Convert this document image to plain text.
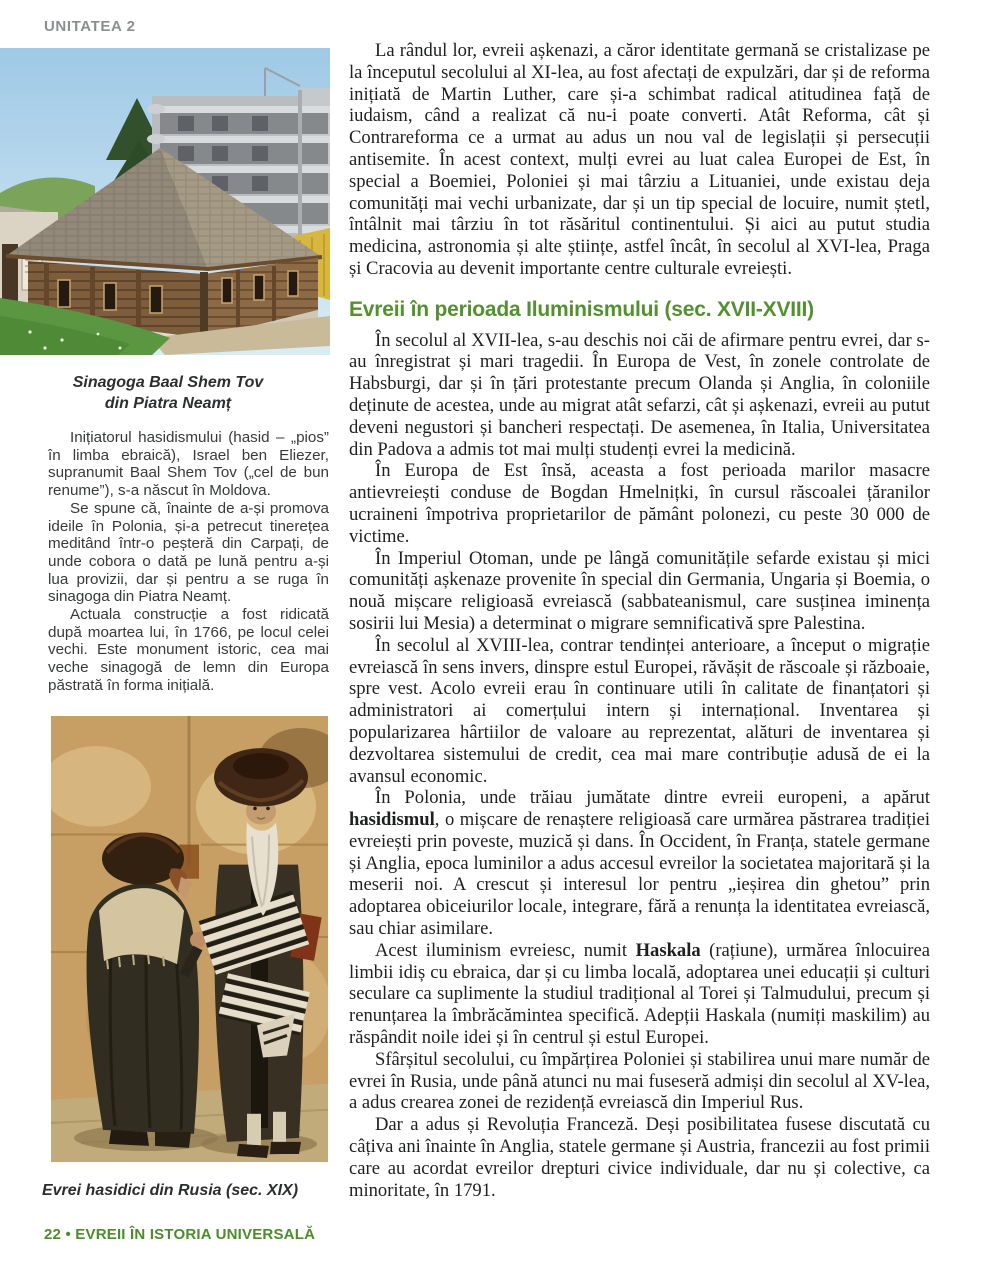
UNITATEA 2
Sinagoga Baal Shem Tov
din Piatra Neamț

Inițiatorul hasidismului (hasid – „pios” în limba ebraică), Israel ben Eliezer, supranumit Baal Shem Tov („cel de bun renume”), s-a născut în Moldova.

Se spune că, înainte de a-și promova ideile în Polonia, și-a petrecut tinerețea meditând într-o peșteră din Carpați, de unde cobora o dată pe lună pentru a-și lua provizii, dar și pentru a se ruga în sinagoga din Piatra Neamț.

Actuala construcție a fost ridicată după moartea lui, în 1766, pe locul celei vechi. Este monument istoric, cea mai veche sinagogă de lemn din Europa păstrată în forma inițială.

Evrei hasidici din Rusia (sec. XIX)

La rândul lor, evreii așkenazi, a căror identitate germană se cristalizase pe la începutul secolului al XI-lea, au fost afectați de expulzări, dar și de reforma inițiată de Martin Luther, care și-a schimbat radical atitudinea față de iudaism, când a realizat că nu-i poate converti. Atât Reforma, cât și Contrareforma ce a urmat au adus un nou val de legislații și persecuții antisemite. În acest context, mulți evrei au luat calea Europei de Est, în special a Boemiei, Poloniei și mai târziu a Lituaniei, unde existau deja comunități mai vechi urbanizate, dar și un tip special de locuire, numit ștetl, întâlnit mai târziu în tot răsăritul continentului. Și aici au putut studia medicina, astronomia și alte științe, astfel încât, în secolul al XVI-lea, Praga și Cracovia au devenit importante centre culturale evreiești.

Evreii în perioada Iluminismului (sec. XVII-XVIII)

În secolul al XVII-lea, s-au deschis noi căi de afirmare pentru evrei, dar s-au înregistrat și mari tragedii. În Europa de Vest, în zonele controlate de Habsburgi, dar și în țări protestante precum Olanda și Anglia, în coloniile deținute de acestea, unde au migrat atât sefarzi, cât și așkenazi, evreii au putut deveni negustori și bancheri respectați. De asemenea, în Italia, Universitatea din Padova a admis tot mai mulți studenți evrei la medicină.

În Europa de Est însă, aceasta a fost perioada marilor masacre antievreiești conduse de Bogdan Hmelnițki, în cursul răscoalei țăranilor ucraineni împotriva proprietarilor de pământ polonezi, cu peste 30 000 de victime.

În Imperiul Otoman, unde pe lângă comunitățile sefarde existau și mici comunități așkenaze provenite în special din Germania, Ungaria și Boemia, o nouă mișcare religioasă evreiască (sabbateanismul, care susținea iminența sosirii lui Mesia) a determinat o migrare semnificativă spre Palestina.

În secolul al XVIII-lea, contrar tendinței anterioare, a început o migrație evreiască în sens invers, dinspre estul Europei, răvășit de răscoale și războaie, spre vest. Acolo evreii erau în continuare utili în calitate de finanțatori și administratori ai comerțului intern și internațional. Inventarea și popularizarea hârtiilor de valoare au reprezentat, alături de inventarea și dezvoltarea sistemului de credit, cea mai mare contribuție adusă de ei la avansul economic.

În Polonia, unde trăiau jumătate dintre evreii europeni, a apărut hasidismul, o mișcare de renaștere religioasă care urmărea păstrarea tradiției evreiești prin poveste, muzică și dans. În Occident, în Franța, statele germane și Anglia, epoca luminilor a adus accesul evreilor la societatea majoritară și la meserii noi. A crescut și interesul lor pentru „ieșirea din ghetou” prin adoptarea obiceiurilor locale, integrare, fără a renunța la identitatea evreiască, sau chiar asimilare.

Acest iluminism evreiesc, numit Haskala (rațiune), urmărea înlocuirea limbii idiș cu ebraica, dar și cu limba locală, adoptarea unei educații și culturi seculare ca suplimente la studiul tradițional al Torei și Talmudului, precum și renunțarea la îmbrăcămintea specifică. Adepții Haskala (numiți maskilim) au răspândit noile idei și în centrul și estul Europei.

Sfârșitul secolului, cu împărțirea Poloniei și stabilirea unui mare număr de evrei în Rusia, unde până atunci nu mai fuseseră admiși din secolul al XV-lea, a adus crearea zonei de rezidență evreiască din Imperiul Rus.

Dar a adus și Revoluția Franceză. Deși posibilitatea fusese discutată cu câțiva ani înainte în Anglia, statele germane și Austria, francezii au fost primii care au acordat evreilor drepturi civice individuale, dar nu și colective, ca minoritate, în 1791.

22 • EVREII ÎN ISTORIA UNIVERSALĂ
